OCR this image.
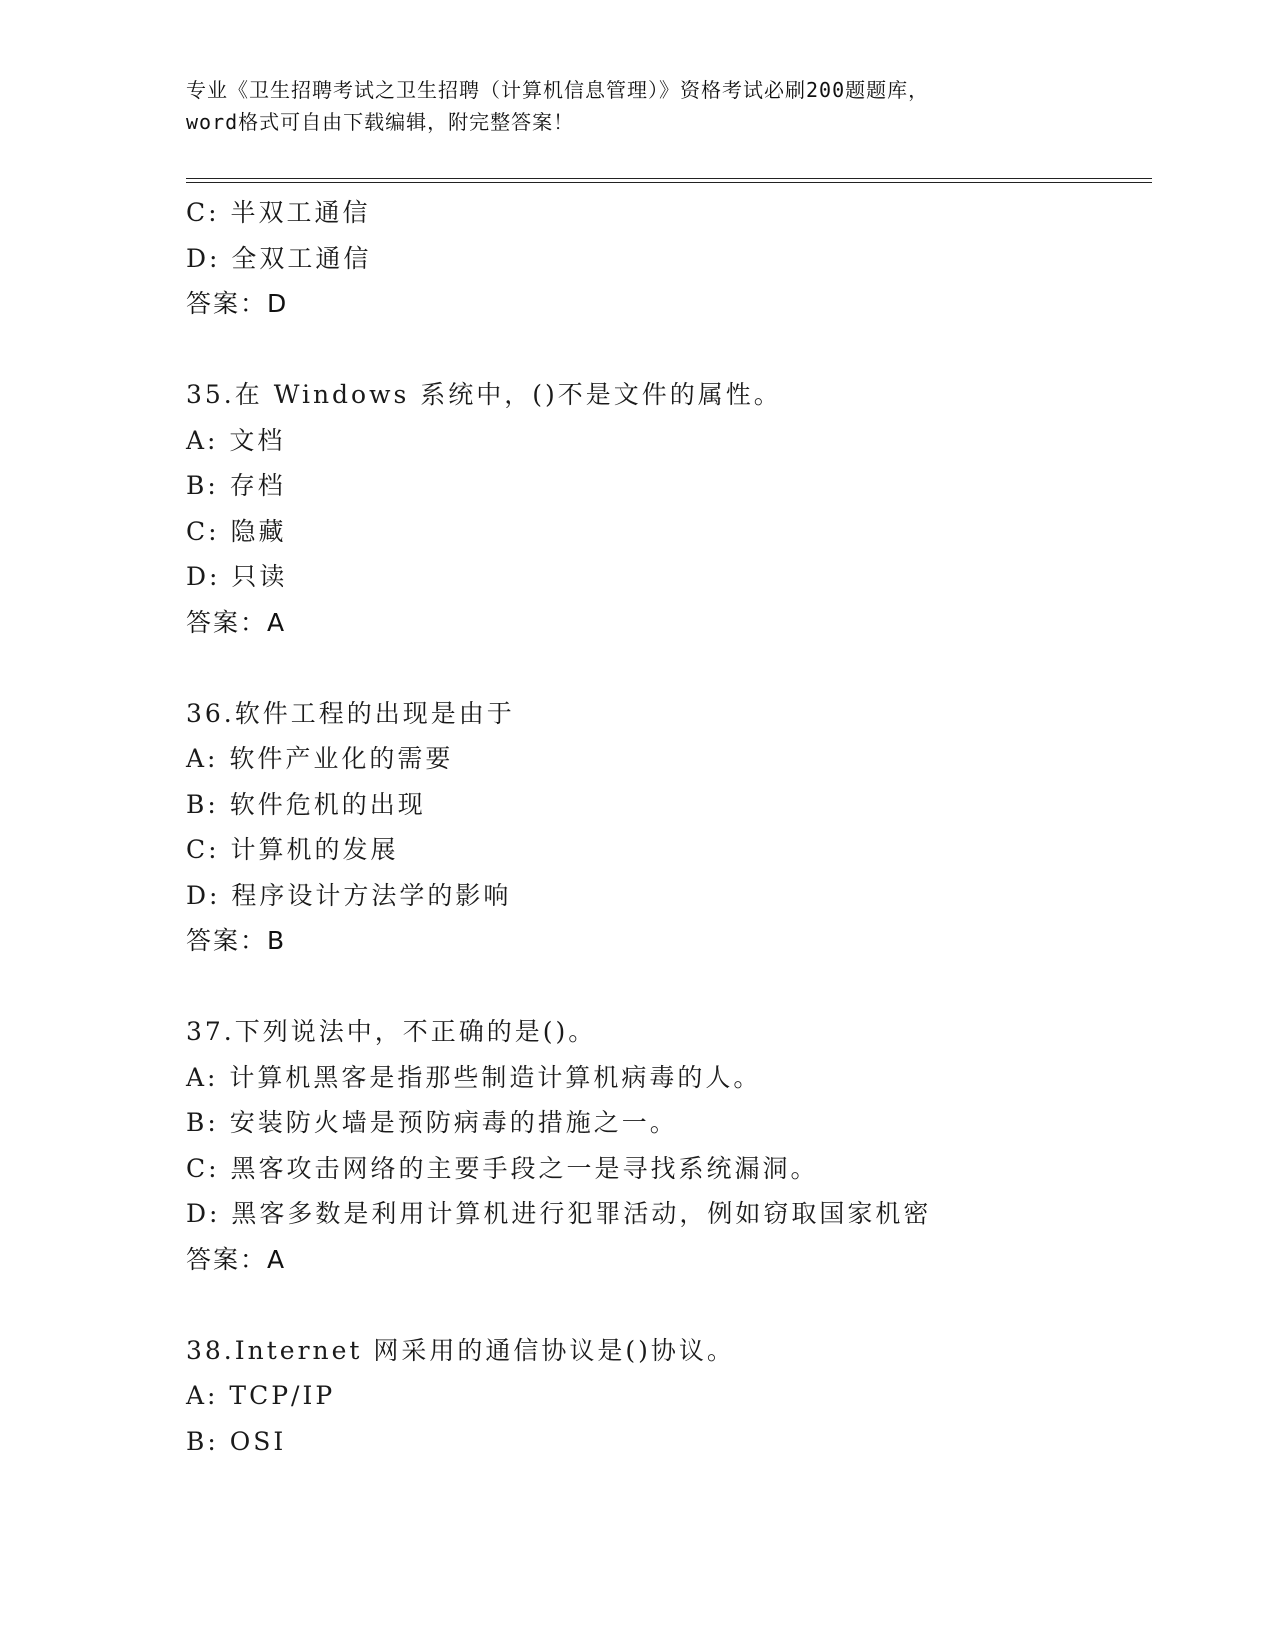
专业《卫生招聘考试之卫生招聘（计算机信息管理）》资格考试必刷200题题库，
word格式可自由下载编辑，附完整答案！
C: 半双工通信
D: 全双工通信
答案：D
35.在 Windows 系统中，()不是文件的属性。
A: 文档
B: 存档
C: 隐藏
D: 只读
答案：A
36.软件工程的出现是由于
A: 软件产业化的需要
B: 软件危机的出现
C: 计算机的发展
D: 程序设计方法学的影响
答案：B
37.下列说法中，不正确的是()。
A: 计算机黑客是指那些制造计算机病毒的人。
B: 安装防火墙是预防病毒的措施之一。
C: 黑客攻击网络的主要手段之一是寻找系统漏洞。
D: 黑客多数是利用计算机进行犯罪活动，例如窃取国家机密
答案：A
38.Internet 网采用的通信协议是()协议。
A: TCP/IP
B: OSI
